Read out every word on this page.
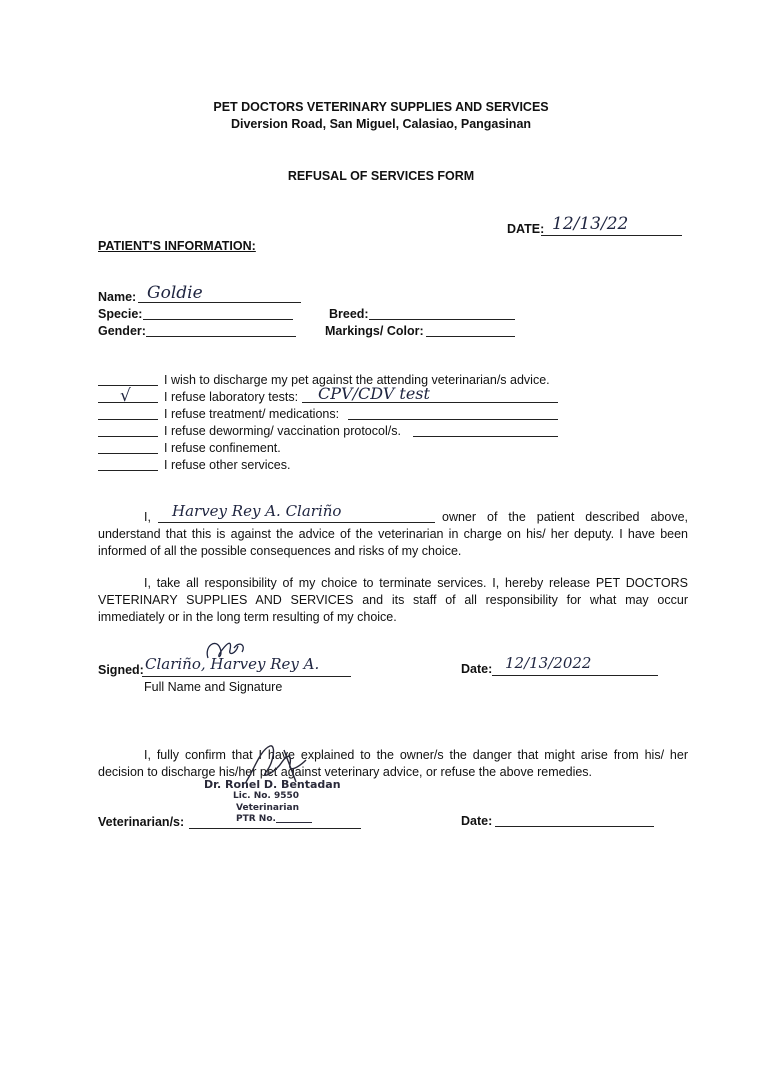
PET DOCTORS VETERINARY SUPPLIES AND SERVICES
Diversion Road, San Miguel, Calasiao, Pangasinan
REFUSAL OF SERVICES FORM
DATE: 12/13/22
PATIENT'S INFORMATION:
Name: Goldie
Specie:	Breed:
Gender:	Markings/ Color:
I wish to discharge my pet against the attending veterinarian/s advice.
√	I refuse laboratory tests: CPV/CDV test
I refuse treatment/ medications:
I refuse deworming/ vaccination protocol/s.
I refuse confinement.
I refuse other services.
I, Harvey Rey A. Clariño	owner of the patient described above,
understand that this is against the advice of the veterinarian in charge on his/ her deputy. I have been informed of all the possible consequences and risks of my choice.
I, take all responsibility of my choice to terminate services. I, hereby release PET DOCTORS VETERINARY SUPPLIES AND SERVICES and its staff of all responsibility for what may occur immediately or in the long term resulting of my choice.
Signed: Clariño, Harvey Rey A.
Full Name and Signature
Date: 12/13/2022
I, fully confirm that I have explained to the owner/s the danger that might arise from his/ her decision to discharge his/her pet against veterinary advice, or refuse the above remedies.
Dr. Ronel D. Bentadan
Lic. No. 9550
Veterinarian
PTR No.
Veterinarian/s:	Date:
